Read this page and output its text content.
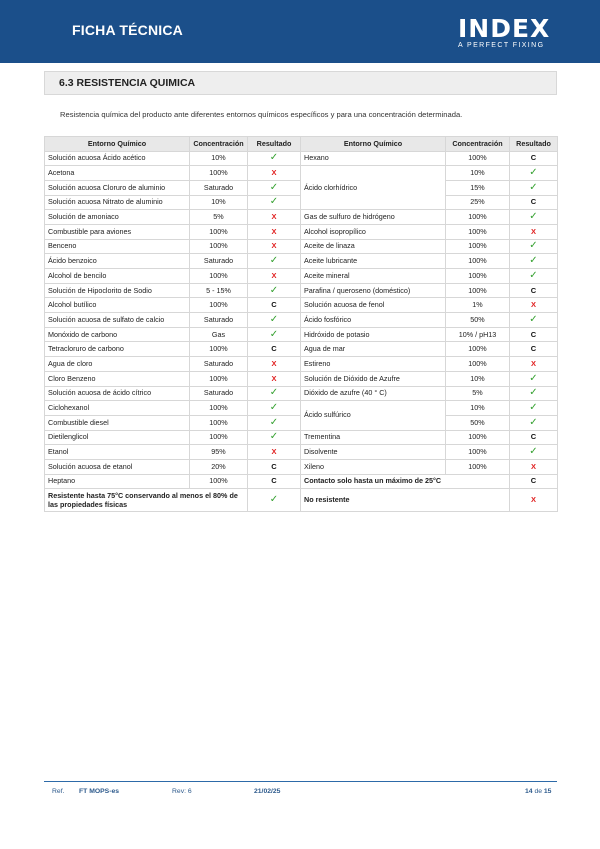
FICHA TÉCNICA	INDEX
A PERFECT FIXING
6.3 RESISTENCIA QUIMICA
Resistencia química del producto ante diferentes entornos químicos específicos y para una concentración determinada.
Entorno Químico	Concentración	Resultado	Entorno Químico	Concentración	Resultado
Solución acuosa Ácido acético	10%	✓	Hexano	100%	C
Acetona	100%	X	Ácido clorhídrico	10%	✓
Solución acuosa Cloruro de aluminio	Saturado	✓		15%	✓
Solución acuosa Nitrato de aluminio	10%	✓		25%	C
Solución de amoniaco	5%	X	Gas de sulfuro de hidrógeno	100%	✓
Combustible para aviones	100%	X	Alcohol isopropílico	100%	X
Benceno	100%	X	Aceite de linaza	100%	✓
Ácido benzoico	Saturado	✓	Aceite lubricante	100%	✓
Alcohol de bencilo	100%	X	Aceite mineral	100%	✓
Solución de Hipoclorito de Sodio	5 - 15%	✓	Parafina / queroseno (doméstico)	100%	C
Alcohol butílico	100%	C	Solución acuosa de fenol	1%	X
Solución acuosa de sulfato de calcio	Saturado	✓	Ácido fosfórico	50%	✓
Monóxido de carbono	Gas	✓	Hidróxido de potasio	10% / pH13	C
Tetracloruro de carbono	100%	C	Agua de mar	100%	C
Agua de cloro	Saturado	X	Estireno	100%	X
Cloro Benzeno	100%	X	Solución de Dióxido de Azufre	10%	✓
Solución acuosa de ácido cítrico	Saturado	✓	Dióxido de azufre (40 ° C)	5%	✓
Ciclohexanol	100%	✓	Ácido sulfúrico	10%	✓
Combustible diesel	100%	✓		50%	✓
Dietilenglicol	100%	✓	Trementina	100%	C
Etanol	95%	X	Disolvente	100%	✓
Solución acuosa de etanol	20%	C	Xileno	100%	X
Heptano	100%	C	Contacto solo hasta un máximo de 25°C		C
Resistente hasta 75°C conservando al menos el 80% de las propiedades físicas		✓	No resistente		X
Ref. FT MOPS-es	Rev: 6	21/02/25	14 de 15
